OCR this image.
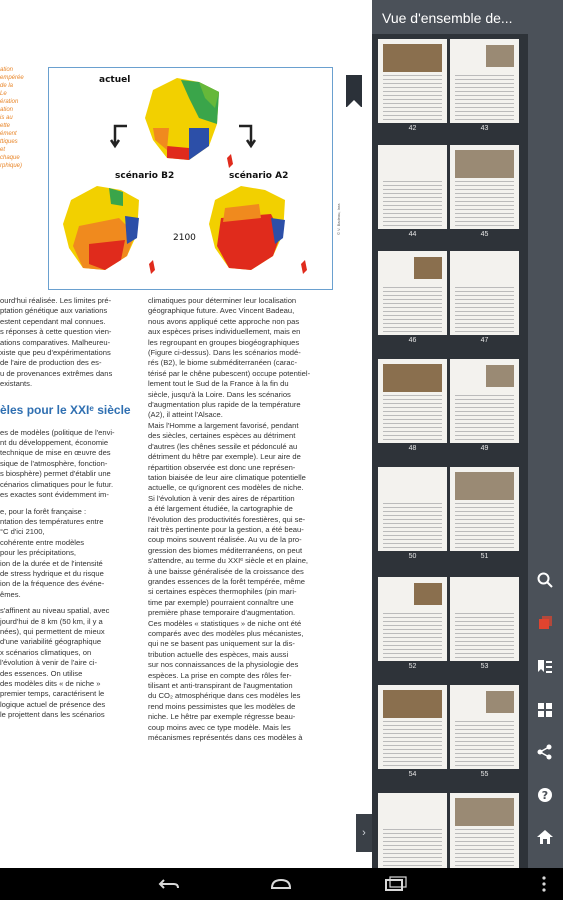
ation
empérée
de la
Le
ération
ation
is au
ette
ément
ttiques
et
chaque
rphique)
actuel
scénario B2	scénario A2
2100
© V. Badeau, Inra
ourd'hui réalisée. Les limites pré-
ptation génétique aux variations
estent cependant mal connues.
s réponses à cette question vien-
ations comparatives. Malheureu-
xiste que peu d'expérimentations
de l'aire de production des es-
u de provenances extrêmes dans
existants.
èles pour le XXIᵉ siècle
es de modèles (politique de l'envi-
nt du développement, économie
technique de mise en œuvre des
sique de l'atmosphère, fonction-
s biosphère) permet d'établir une
cénarios climatiques pour le futur.
es exactes sont évidemment im-
e, pour la forêt française :
ntation des températures entre
°C d'ici 2100,
cohérente entre modèles
pour les précipitations,
ion de la durée et de l'intensité
de stress hydrique et du risque
ion de la fréquence des événe-
êmes.
s'affinent au niveau spatial, avec
jourd'hui de 8 km (50 km, il y a
nées), qui permettent de mieux
d'une variabilité géographique
x scénarios climatiques, on
l'évolution à venir de l'aire ci-
des essences. On utilise
des modèles dits « de niche »
premier temps, caractérisent le
logique actuel de présence des
le projettent dans les scénarios
climatiques pour déterminer leur localisation
géographique future. Avec Vincent Badeau,
nous avons appliqué cette approche non pas
aux espèces prises individuellement, mais en
les regroupant en groupes biogéographiques
(Figure ci-dessus). Dans les scénarios modé-
rés (B2), le biome subméditerranéen (carac-
térisé par le chêne pubescent) occupe potentiel-
lement tout le Sud de la France à la fin du
siècle, jusqu'à la Loire. Dans les scénarios
d'augmentation plus rapide de la température
(A2), il atteint l'Alsace.
Mais l'Homme a largement favorisé, pendant
des siècles, certaines espèces au détriment
d'autres (les chênes sessile et pédonculé au
détriment du hêtre par exemple). Leur aire de
répartition observée est donc une représen-
tation biaisée de leur aire climatique potentielle
actuelle, ce qu'ignorent ces modèles de niche.
Si l'évolution à venir des aires de répartition
a été largement étudiée, la cartographie de
l'évolution des productivités forestières, qui se-
rait très pertinente pour la gestion, a été beau-
coup moins souvent réalisée. Au vu de la pro-
gression des biomes méditerranéens, on peut
s'attendre, au terme du XXIᵉ siècle et en plaine,
à une baisse généralisée de la croissance des
grandes essences de la forêt tempérée, même
si certaines espèces thermophiles (pin mari-
time par exemple) pourraient connaître une
première phase temporaire d'augmentation.
Ces modèles « statistiques » de niche ont été
comparés avec des modèles plus mécanistes,
qui ne se basent pas uniquement sur la dis-
tribution actuelle des espèces, mais aussi
sur nos connaissances de la physiologie des
espèces. La prise en compte des rôles fer-
tilisant et anti-transpirant de l'augmentation
du CO₂ atmosphérique dans ces modèles les
rend moins pessimistes que les modèles de
niche. Le hêtre par exemple régresse beau-
coup moins avec ce type modèle. Mais les
mécanismes représentés dans ces modèles à
›
Vue d'ensemble de...
42	43
44	45
46	47
48	49
50	51
52	53
54	55
?
